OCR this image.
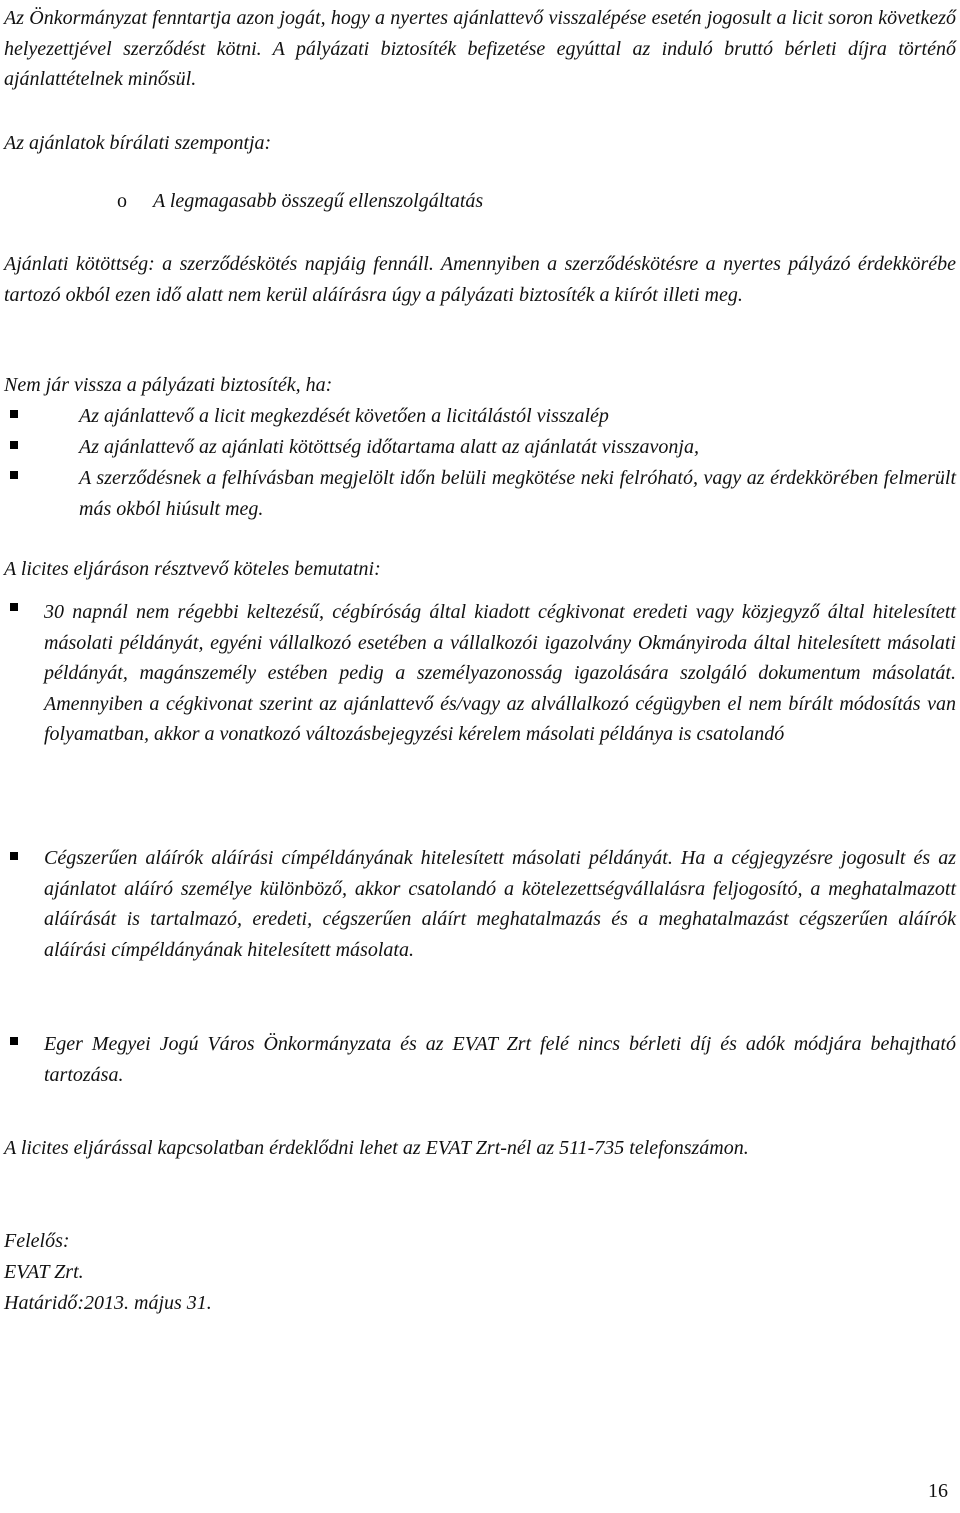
Az Önkormányzat fenntartja azon jogát, hogy a nyertes ajánlattevő visszalépése esetén jogosult a licit soron következő helyezettjével szerződést kötni. A pályázati biztosíték befizetése egyúttal az induló bruttó bérleti díjra történő ajánlattételnek minősül.
Az ajánlatok bírálati szempontja:
o A legmagasabb összegű ellenszolgáltatás
Ajánlati kötöttség: a szerződéskötés napjáig fennáll. Amennyiben a szerződéskötésre a nyertes pályázó érdekkörébe tartozó okból ezen idő alatt nem kerül aláírásra úgy a pályázati biztosíték a kiírót illeti meg.
Nem jár vissza a pályázati biztosíték, ha:
Az ajánlattevő a licit megkezdését követően a licitálástól visszalép
Az ajánlattevő az ajánlati kötöttség időtartama alatt az ajánlatát visszavonja,
A szerződésnek a felhívásban megjelölt időn belüli megkötése neki felróható, vagy az érdekkörében felmerült más okból hiúsult meg.
A licites eljáráson résztvevő köteles bemutatni:
30 napnál nem régebbi keltezésű, cégbíróság által kiadott cégkivonat eredeti vagy közjegyző által hitelesített másolati példányát, egyéni vállalkozó esetében a vállalkozói igazolvány Okmányiroda által hitelesített másolati példányát, magánszemély estében pedig a személyazonosság igazolására szolgáló dokumentum másolatát. Amennyiben a cégkivonat szerint az ajánlattevő és/vagy az alvállalkozó cégügyben el nem bírált módosítás van folyamatban, akkor a vonatkozó változásbejegyzési kérelem másolati példánya is csatolandó
Cégszerűen aláírók aláírási címpéldányának hitelesített másolati példányát. Ha a cégjegyzésre jogosult és az ajánlatot aláíró személye különböző, akkor csatolandó a kötelezettségvállalásra feljogosító, a meghatalmazott aláírását is tartalmazó, eredeti, cégszerűen aláírt meghatalmazás és a meghatalmazást cégszerűen aláírók aláírási címpéldányának hitelesített másolata.
Eger Megyei Jogú Város Önkormányzata és az EVAT Zrt felé nincs bérleti díj és adók módjára behajtható tartozása.
A licites eljárással kapcsolatban érdeklődni lehet az EVAT Zrt-nél az 511-735 telefonszámon.
Felelős:
EVAT Zrt.
Határidő:2013. május 31.
16
